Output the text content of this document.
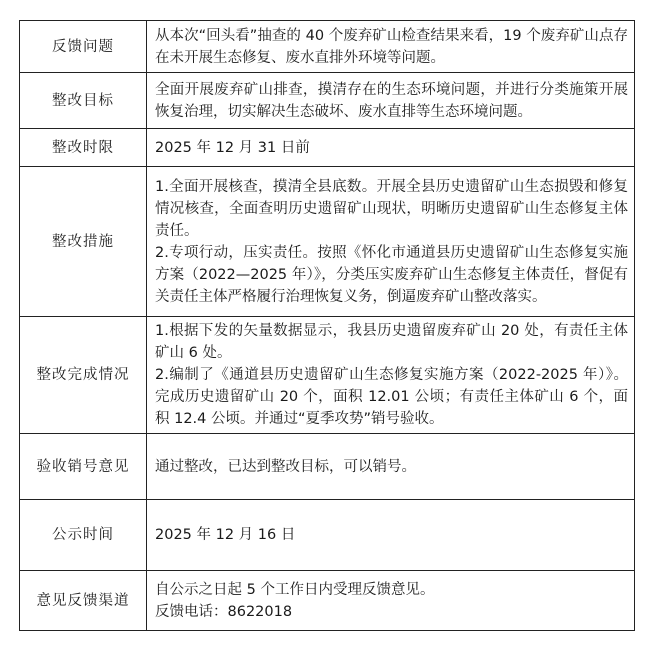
反馈问题	从本次“回头看”抽查的 40 个废弃矿山检查结果来看，19 个废弃矿山点存在未开展生态修复、废水直排外环境等问题。

整改目标	全面开展废弃矿山排查，摸清存在的生态环境问题，并进行分类施策开展恢复治理，切实解决生态破坏、废水直排等生态环境问题。

整改时限	2025 年 12 月 31 日前

整改措施	1.全面开展核查，摸清全县底数。开展全县历史遗留矿山生态损毁和修复情况核查，全面查明历史遗留矿山现状，明晰历史遗留矿山生态修复主体责任。
2.专项行动，压实责任。按照《怀化市通道县历史遗留矿山生态修复实施方案（2022—2025 年）》，分类压实废弃矿山生态修复主体责任，督促有关责任主体严格履行治理恢复义务，倒逼废弃矿山整改落实。

整改完成情况	1.根据下发的矢量数据显示，我县历史遗留废弃矿山 20 处，有责任主体矿山 6 处。
2.编制了《通道县历史遗留矿山生态修复实施方案（2022-2025 年）》。完成历史遗留矿山 20 个，面积 12.01 公顷；有责任主体矿山 6 个，面积 12.4 公顷。并通过“夏季攻势”销号验收。

验收销号意见	通过整改，已达到整改目标，可以销号。

公示时间	2025 年 12 月 16 日

意见反馈渠道	自公示之日起 5 个工作日内受理反馈意见。
反馈电话：8622018
